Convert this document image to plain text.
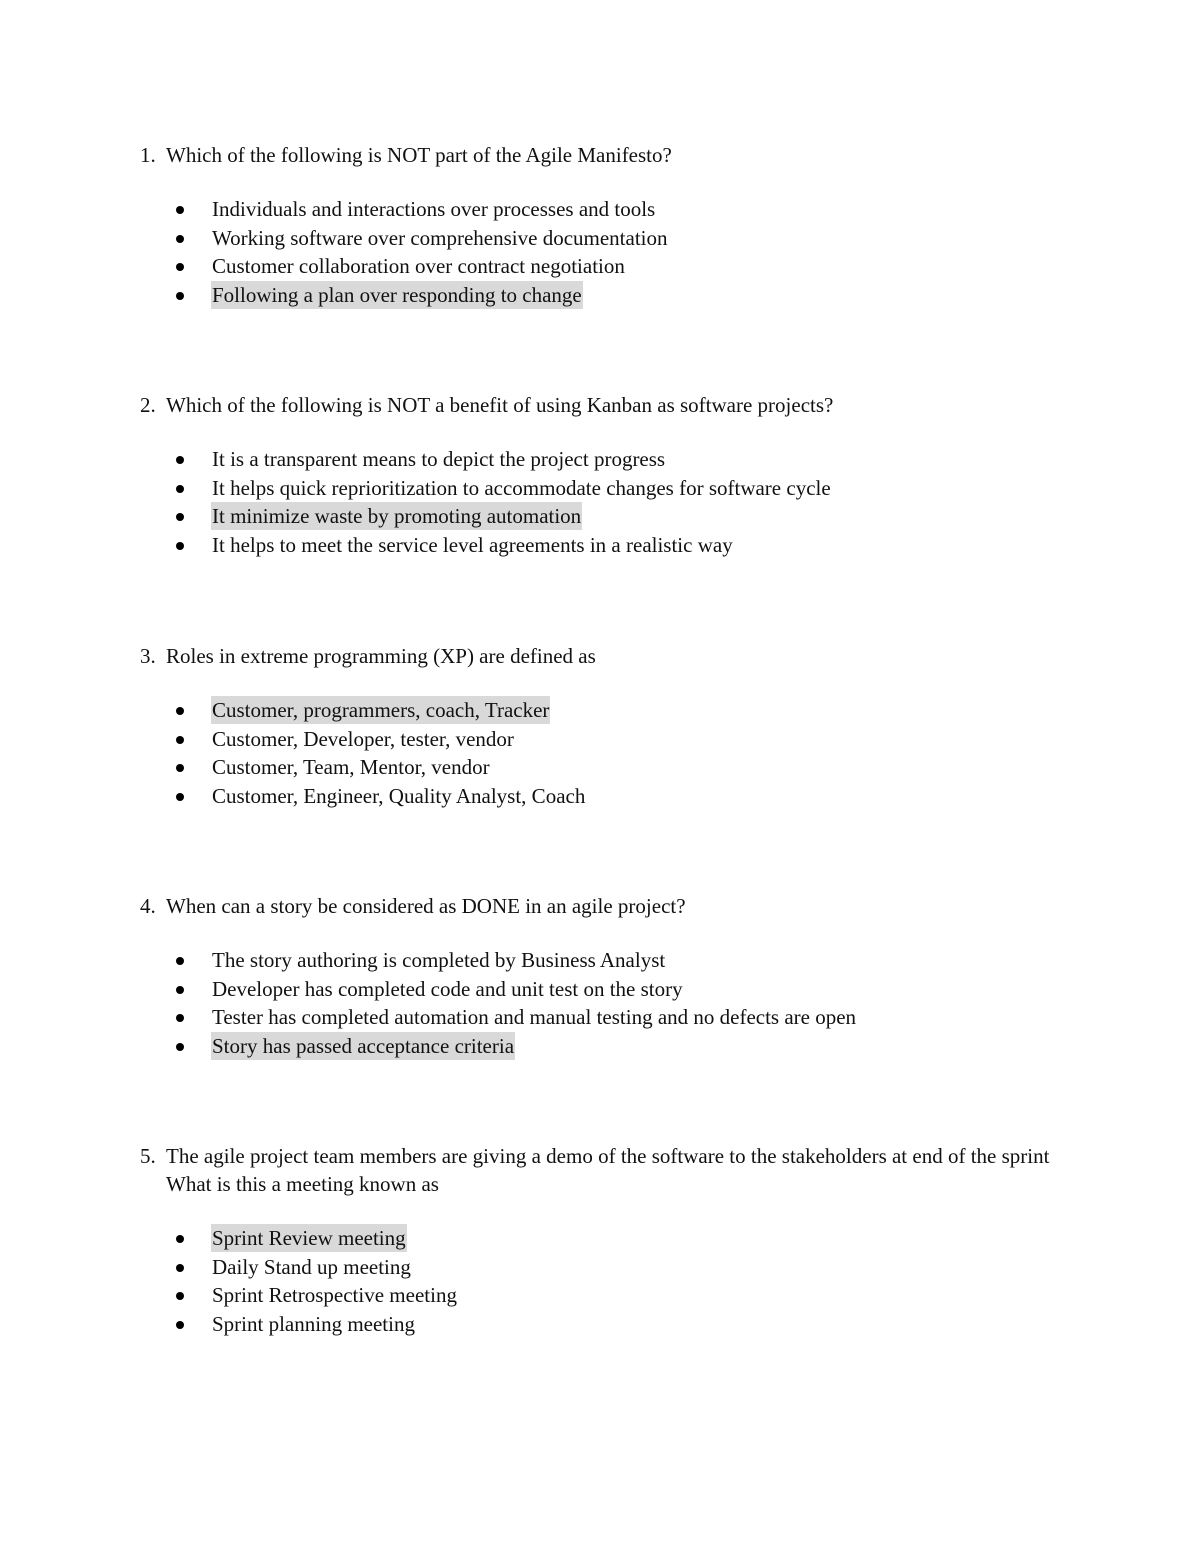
1. Which of the following is NOT part of the Agile Manifesto?
Individuals and interactions over processes and tools
Working software over comprehensive documentation
Customer collaboration over contract negotiation
Following a plan over responding to change
2. Which of the following is NOT a benefit of using Kanban as software projects?
It is a transparent means to depict the project progress
It helps quick reprioritization to accommodate changes for software cycle
It minimize waste by promoting automation
It helps to meet the service level agreements in a realistic way
3. Roles in extreme programming (XP) are defined as
Customer, programmers, coach, Tracker
Customer, Developer, tester, vendor
Customer, Team, Mentor, vendor
Customer, Engineer, Quality Analyst, Coach
4. When can a story be considered as DONE in an agile project?
The story authoring is completed by Business Analyst
Developer has completed code and unit test on the story
Tester has completed automation and manual testing and no defects are open
Story has passed acceptance criteria
5. The agile project team members are giving a demo of the software to the stakeholders at end of the sprint What is this a meeting known as
Sprint Review meeting
Daily Stand up meeting
Sprint Retrospective meeting
Sprint planning meeting
